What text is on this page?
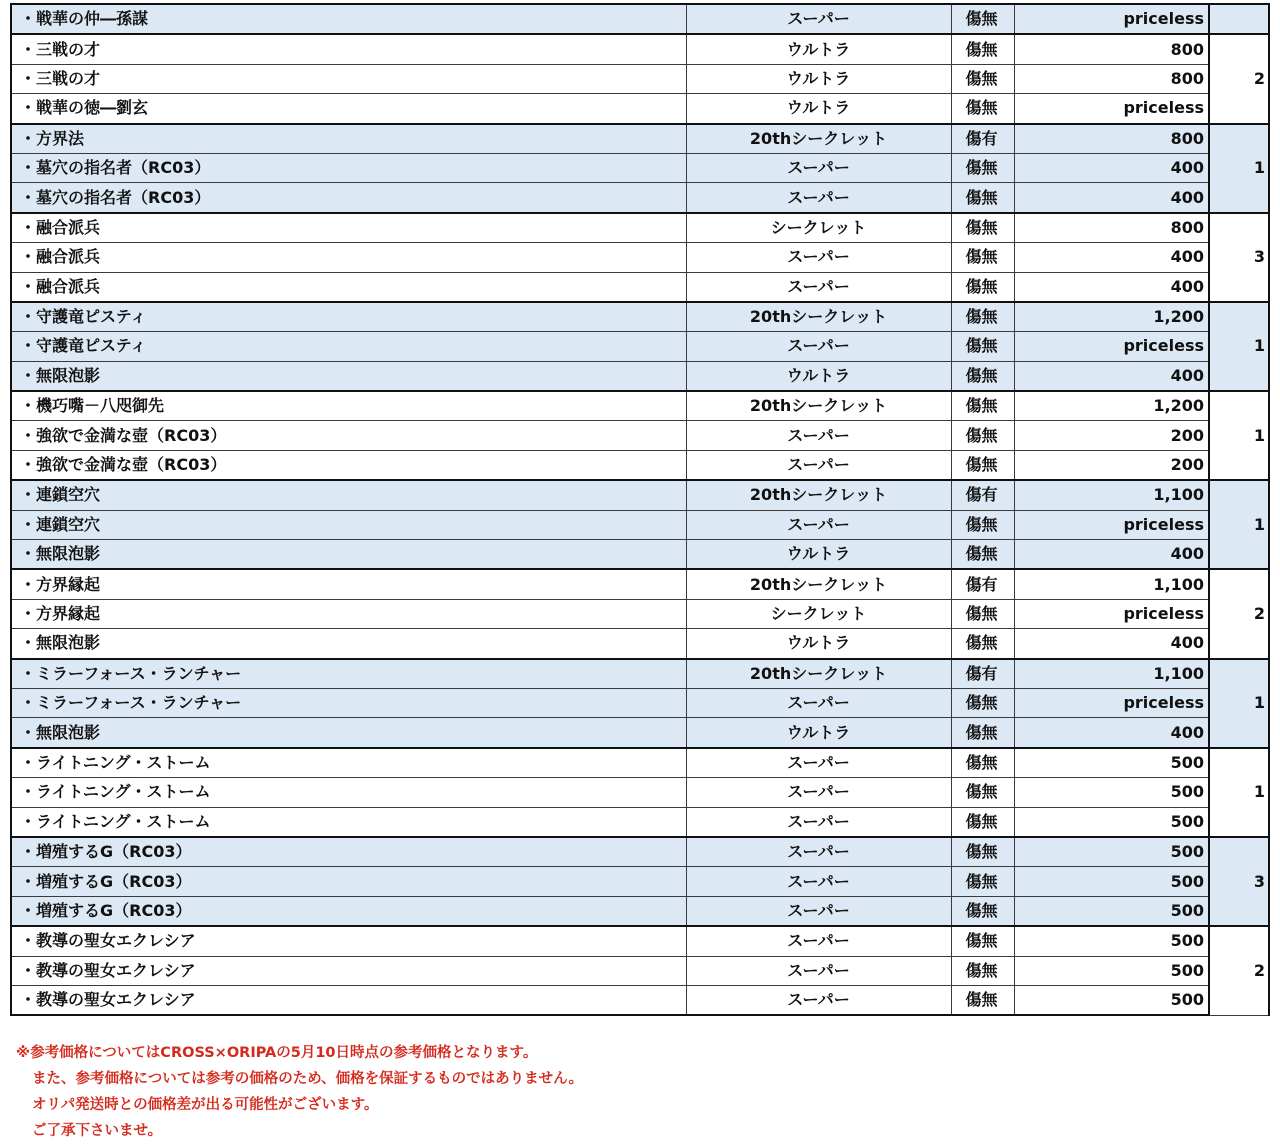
・戦華の仲―孫謀	スーパー	傷無	priceless	
・三戦の才	ウルトラ	傷無	800	2
・三戦の才	ウルトラ	傷無	800	
・戦華の徳―劉玄	ウルトラ	傷無	priceless	
・方界法	20thシークレット	傷有	800	1
・墓穴の指名者（RC03）	スーパー	傷無	400	
・墓穴の指名者（RC03）	スーパー	傷無	400	
・融合派兵	シークレット	傷無	800	3
・融合派兵	スーパー	傷無	400	
・融合派兵	スーパー	傷無	400	
・守護竜ピスティ	20thシークレット	傷無	1,200	1
・守護竜ピスティ	スーパー	傷無	priceless	
・無限泡影	ウルトラ	傷無	400	
・機巧嘴－八咫御先	20thシークレット	傷無	1,200	1
・強欲で金満な壺（RC03）	スーパー	傷無	200	
・強欲で金満な壺（RC03）	スーパー	傷無	200	
・連鎖空穴	20thシークレット	傷有	1,100	1
・連鎖空穴	スーパー	傷無	priceless	
・無限泡影	ウルトラ	傷無	400	
・方界縁起	20thシークレット	傷有	1,100	2
・方界縁起	シークレット	傷無	priceless	
・無限泡影	ウルトラ	傷無	400	
・ミラーフォース・ランチャー	20thシークレット	傷有	1,100	1
・ミラーフォース・ランチャー	スーパー	傷無	priceless	
・無限泡影	ウルトラ	傷無	400	
・ライトニング・ストーム	スーパー	傷無	500	1
・ライトニング・ストーム	スーパー	傷無	500	
・ライトニング・ストーム	スーパー	傷無	500	
・増殖するG（RC03）	スーパー	傷無	500	3
・増殖するG（RC03）	スーパー	傷無	500	
・増殖するG（RC03）	スーパー	傷無	500	
・教導の聖女エクレシア	スーパー	傷無	500	2
・教導の聖女エクレシア	スーパー	傷無	500	
・教導の聖女エクレシア	スーパー	傷無	500	

※参考価格についてはCROSS×ORIPAの5月10日時点の参考価格となります。

また、参考価格については参考の価格のため、価格を保証するものではありません。

オリパ発送時との価格差が出る可能性がございます。

ご了承下さいませ。
